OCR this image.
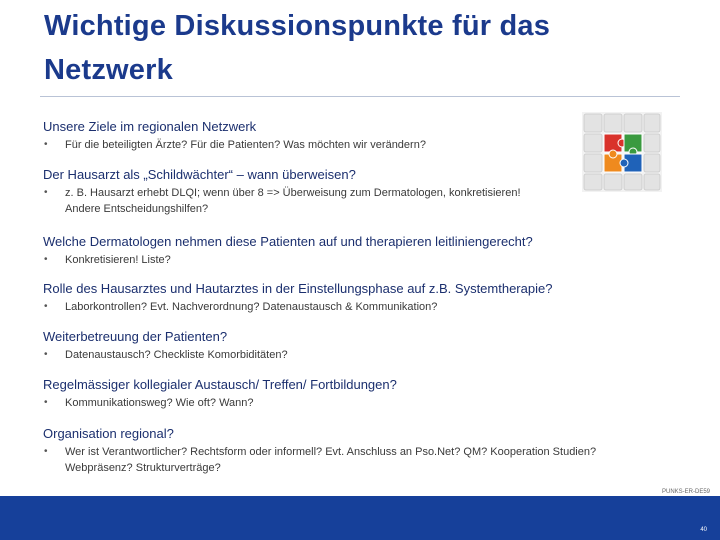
Wichtige Diskussionspunkte für das Netzwerk
Unsere Ziele im regionalen Netzwerk
• Für die beteiligten Ärzte? Für die Patienten? Was möchten wir verändern?
Der Hausarzt als „Schildwächter“ – wann überweisen?
• z. B. Hausarzt erhebt DLQI; wenn über 8 => Überweisung zum Dermatologen, konkretisieren! Andere Entscheidungshilfen?
Welche Dermatologen nehmen diese Patienten auf und therapieren leitliniengerecht?
• Konkretisieren! Liste?
Rolle des Hausarztes und Hautarztes in der Einstellungsphase auf z.B. Systemtherapie?
• Laborkontrollen? Evt. Nachverordnung? Datenaustausch & Kommunikation?
Weiterbetreuung der Patienten?
• Datenaustausch? Checkliste Komorbiditäten?
Regelmässiger kollegialer Austausch/ Treffen/ Fortbildungen?
• Kommunikationsweg? Wie oft? Wann?
Organisation regional?
• Wer ist Verantwortlicher? Rechtsform oder informell? Evt. Anschluss an Pso.Net? QM? Kooperation Studien? Webpräsenz? Strukturverträge?
PUNKS-ER-DE59
40
